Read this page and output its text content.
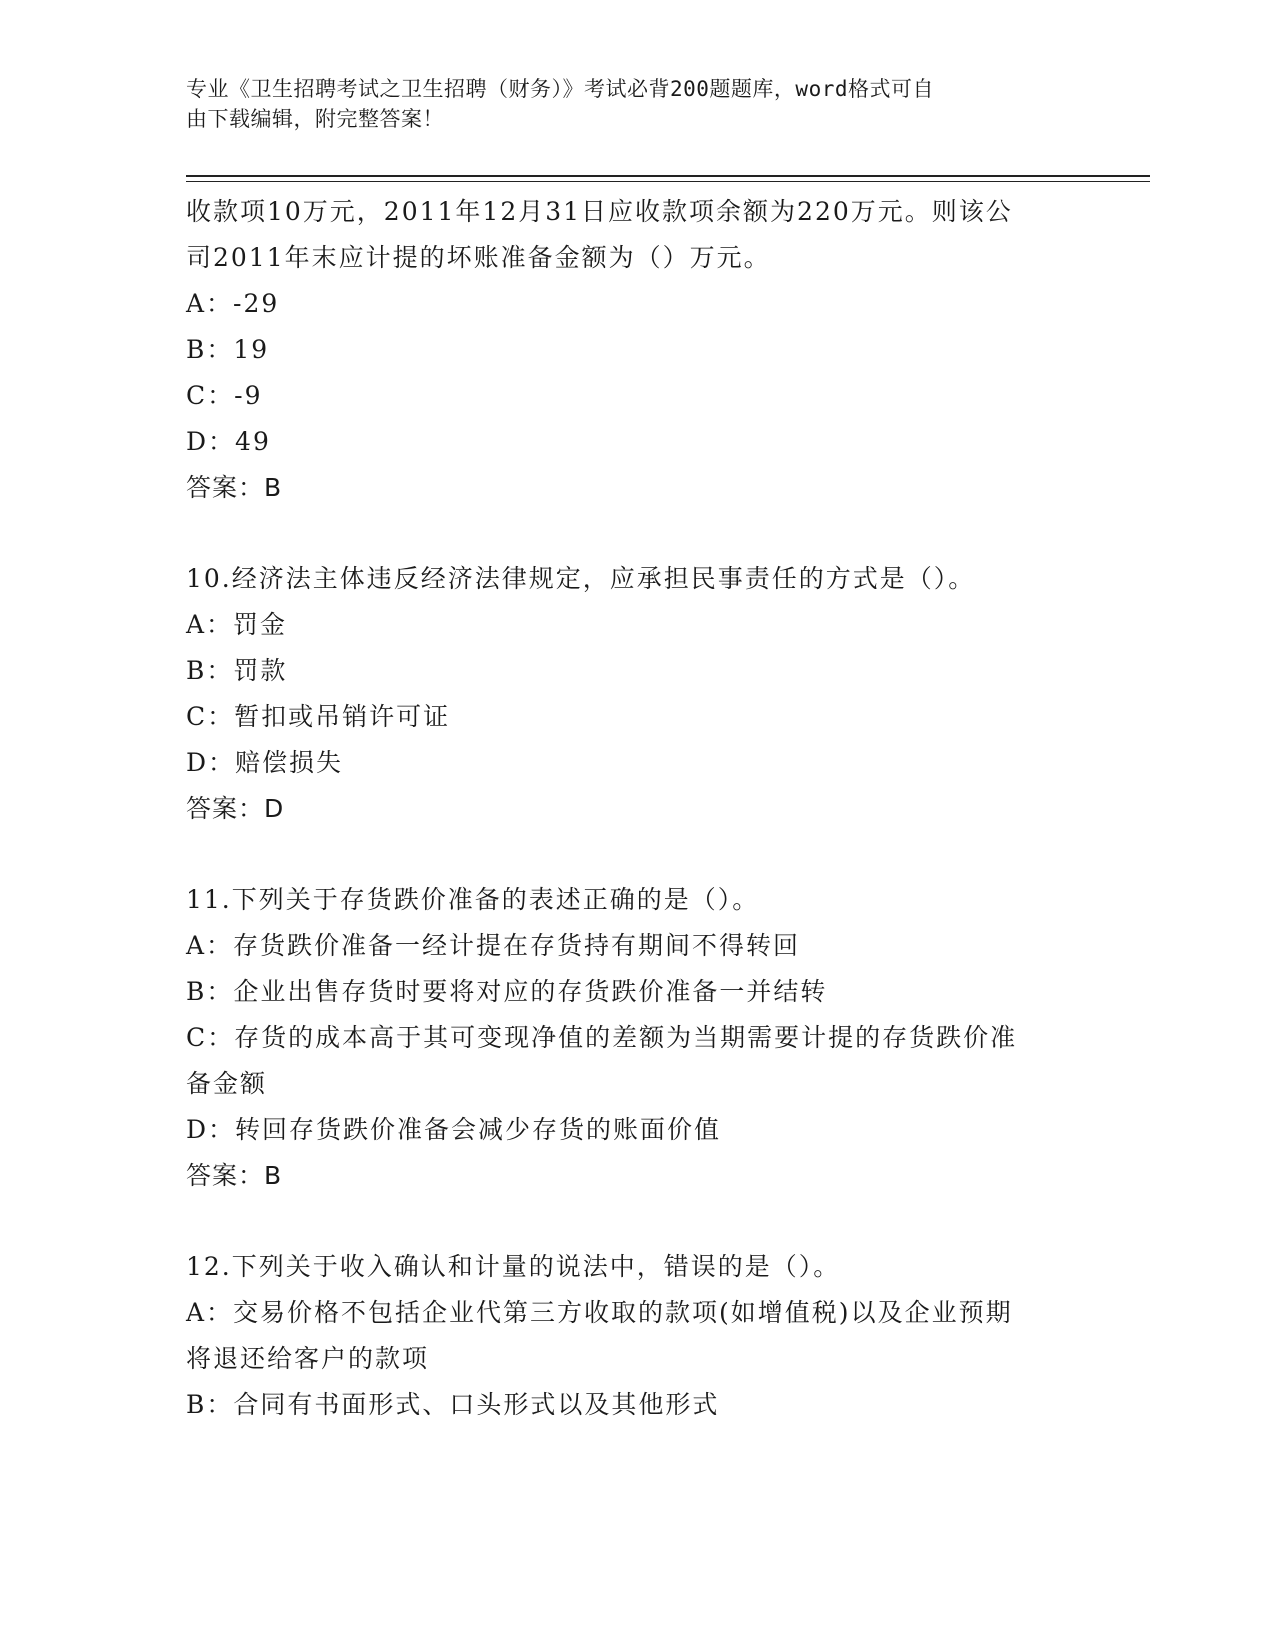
专业《卫生招聘考试之卫生招聘（财务）》考试必背200题题库，word格式可自
由下载编辑，附完整答案！
收款项10万元，2011年12月31日应收款项余额为220万元。则该公
司2011年末应计提的坏账准备金额为（）万元。
A：-29
B：19
C：-9
D：49
答案：B
10.经济法主体违反经济法律规定，应承担民事责任的方式是（）。
A：罚金
B：罚款
C：暂扣或吊销许可证
D：赔偿损失
答案：D
11.下列关于存货跌价准备的表述正确的是（）。
A：存货跌价准备一经计提在存货持有期间不得转回
B：企业出售存货时要将对应的存货跌价准备一并结转
C：存货的成本高于其可变现净值的差额为当期需要计提的存货跌价准
备金额
D：转回存货跌价准备会减少存货的账面价值
答案：B
12.下列关于收入确认和计量的说法中，错误的是（）。
A：交易价格不包括企业代第三方收取的款项(如增值税)以及企业预期
将退还给客户的款项
B：合同有书面形式、口头形式以及其他形式
